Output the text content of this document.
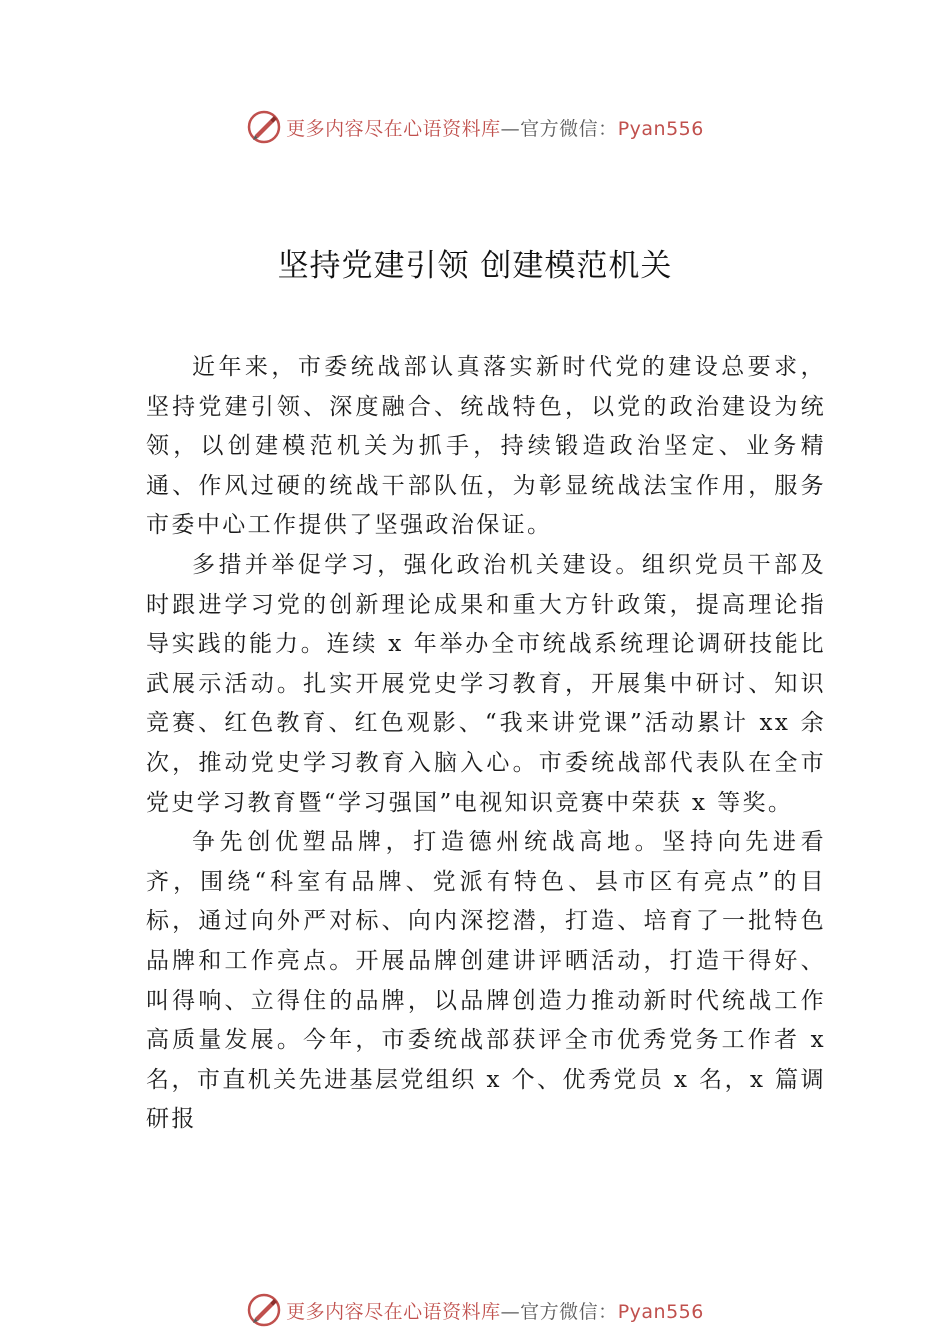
更多内容尽在心语资料库—官方微信：Pyan556
坚持党建引领 创建模范机关

近年来，市委统战部认真落实新时代党的建设总要求，坚持党建引领、深度融合、统战特色，以党的政治建设为统领，以创建模范机关为抓手，持续锻造政治坚定、业务精通、作风过硬的统战干部队伍，为彰显统战法宝作用，服务市委中心工作提供了坚强政治保证。

多措并举促学习，强化政治机关建设。组织党员干部及时跟进学习党的创新理论成果和重大方针政策，提高理论指导实践的能力。连续 x 年举办全市统战系统理论调研技能比武展示活动。扎实开展党史学习教育，开展集中研讨、知识竞赛、红色教育、红色观影、“我来讲党课”活动累计 xx 余次，推动党史学习教育入脑入心。市委统战部代表队在全市党史学习教育暨“学习强国”电视知识竞赛中荣获 x 等奖。

争先创优塑品牌，打造德州统战高地。坚持向先进看齐，围绕“科室有品牌、党派有特色、县市区有亮点”的目标，通过向外严对标、向内深挖潜，打造、培育了一批特色品牌和工作亮点。开展品牌创建讲评晒活动，打造干得好、叫得响、立得住的品牌，以品牌创造力推动新时代统战工作高质量发展。今年，市委统战部获评全市优秀党务工作者 x 名，市直机关先进基层党组织 x 个、优秀党员 x 名，x 篇调研报

更多内容尽在心语资料库—官方微信：Pyan556
